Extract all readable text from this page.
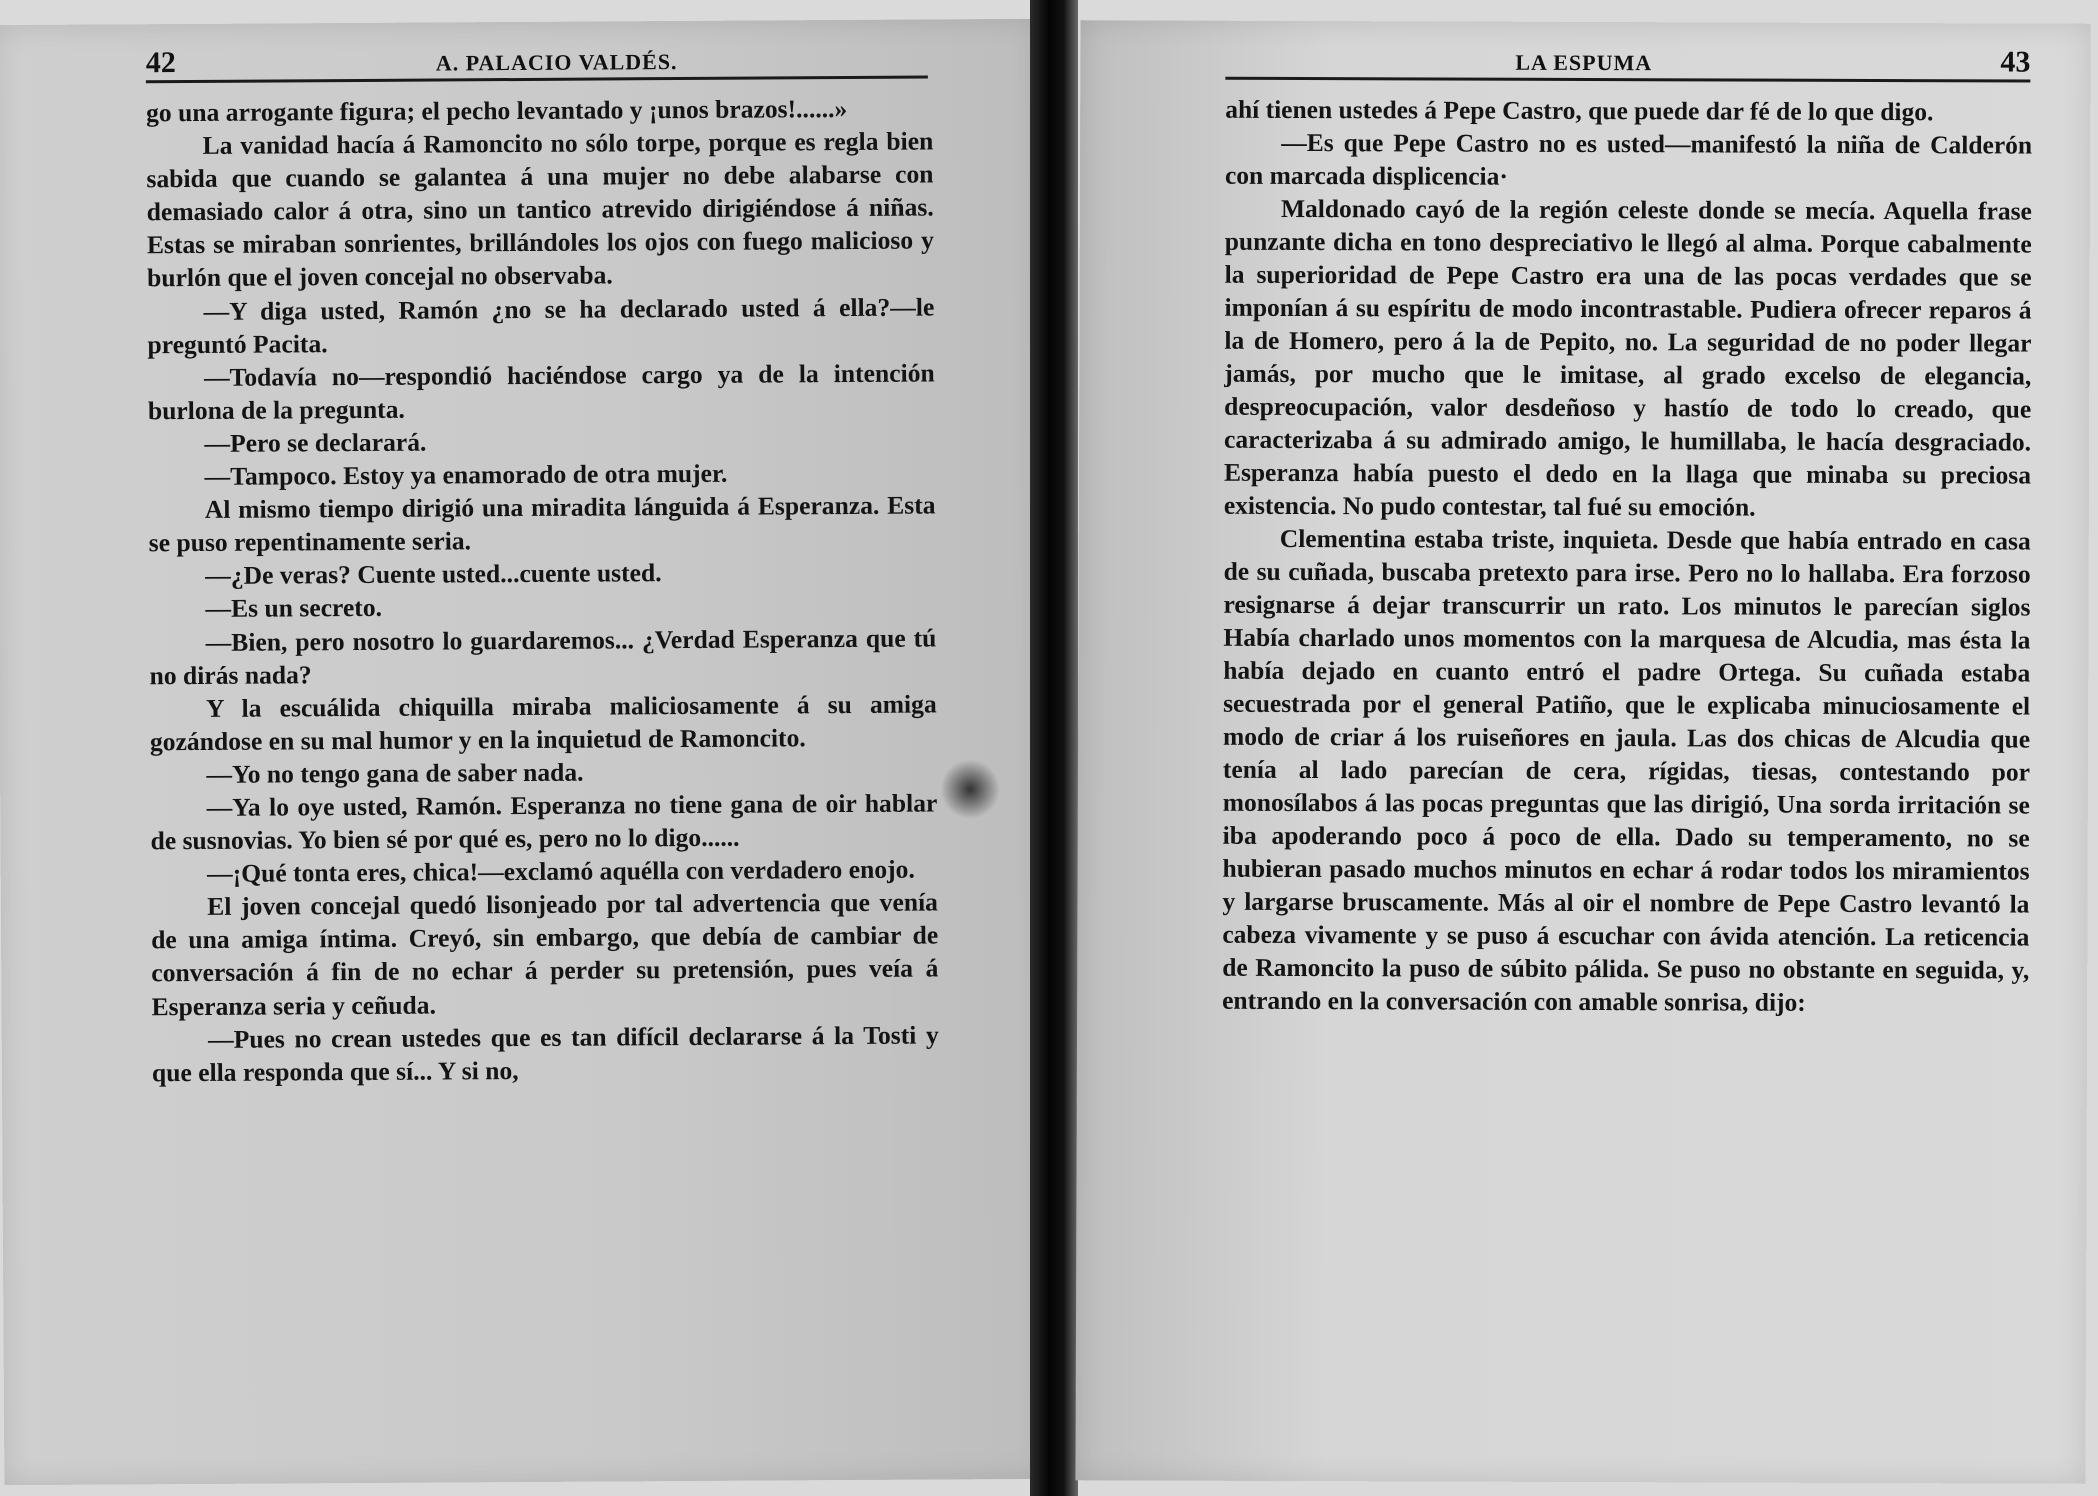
42	A. PALACIO VALDÉS.

go una arrogante figura; el pecho levantado y ¡unos brazos!......»

La vanidad hacía á Ramoncito no sólo torpe, porque es regla bien sabida que cuando se galantea á una mujer no debe alabarse con demasiado calor á otra, sino un tantico atrevido dirigiéndose á niñas. Estas se miraban sonrientes, brillándoles los ojos con fuego malicioso y burlón que el joven concejal no observaba.

—Y diga usted, Ramón ¿no se ha declarado usted á ella?—le preguntó Pacita.

—Todavía no—respondió haciéndose cargo ya de la intención burlona de la pregunta.

—Pero se declarará.

—Tampoco. Estoy ya enamorado de otra mujer.

Al mismo tiempo dirigió una miradita lánguida á Esperanza. Esta se puso repentinamente seria.

—¿De veras? Cuente usted...cuente usted.

—Es un secreto.

—Bien, pero nosotro lo guardaremos... ¿Verdad Esperanza que tú no dirás nada?

Y la escuálida chiquilla miraba maliciosamente á su amiga gozándose en su mal humor y en la inquietud de Ramoncito.

—Yo no tengo gana de saber nada.

—Ya lo oye usted, Ramón. Esperanza no tiene gana de oir hablar de susnovias. Yo bien sé por qué es, pero no lo digo......

—¡Qué tonta eres, chica!—exclamó aquélla con verdadero enojo.

El joven concejal quedó lisonjeado por tal advertencia que venía de una amiga íntima. Creyó, sin embargo, que debía de cambiar de conversación á fin de no echar á perder su pretensión, pues veía á Esperanza seria y ceñuda.

—Pues no crean ustedes que es tan difícil declararse á la Tosti y que ella responda que sí... Y si no,

LA ESPUMA	43

ahí tienen ustedes á Pepe Castro, que puede dar fé de lo que digo.

—Es que Pepe Castro no es usted—manifestó la niña de Calderón con marcada displicencia·

Maldonado cayó de la región celeste donde se mecía. Aquella frase punzante dicha en tono despreciativo le llegó al alma. Porque cabalmente la superioridad de Pepe Castro era una de las pocas verdades que se imponían á su espíritu de modo incontrastable. Pudiera ofrecer reparos á la de Homero, pero á la de Pepito, no. La seguridad de no poder llegar jamás, por mucho que le imitase, al grado excelso de elegancia, despreocupación, valor desdeñoso y hastío de todo lo creado, que caracterizaba á su admirado amigo, le humillaba, le hacía desgraciado. Esperanza había puesto el dedo en la llaga que minaba su preciosa existencia. No pudo contestar, tal fué su emoción.

Clementina estaba triste, inquieta. Desde que había entrado en casa de su cuñada, buscaba pretexto para irse. Pero no lo hallaba. Era forzoso resignarse á dejar transcurrir un rato. Los minutos le parecían siglos Había charlado unos momentos con la marquesa de Alcudia, mas ésta la había dejado en cuanto entró el padre Ortega. Su cuñada estaba secuestrada por el general Patiño, que le explicaba minuciosamente el modo de criar á los ruiseñores en jaula. Las dos chicas de Alcudia que tenía al lado parecían de cera, rígidas, tiesas, contestando por monosílabos á las pocas preguntas que las dirigió, Una sorda irritación se iba apoderando poco á poco de ella. Dado su temperamento, no se hubieran pasado muchos minutos en echar á rodar todos los miramientos y largarse bruscamente. Más al oir el nombre de Pepe Castro levantó la cabeza vivamente y se puso á escuchar con ávida atención. La reticencia de Ramoncito la puso de súbito pálida. Se puso no obstante en seguida, y, entrando en la conversación con amable sonrisa, dijo:
